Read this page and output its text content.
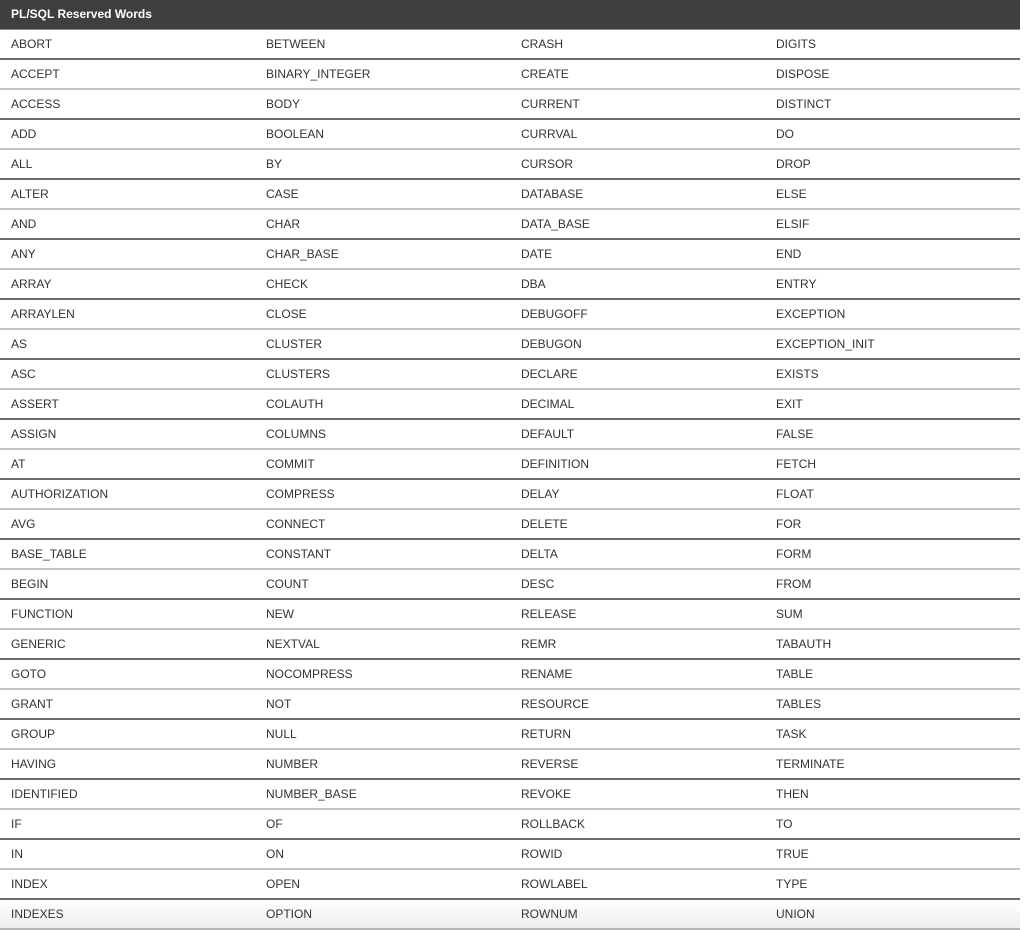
PL/SQL Reserved Words			
ABORT	BETWEEN	CRASH	DIGITS
ACCEPT	BINARY_INTEGER	CREATE	DISPOSE
ACCESS	BODY	CURRENT	DISTINCT
ADD	BOOLEAN	CURRVAL	DO
ALL	BY	CURSOR	DROP
ALTER	CASE	DATABASE	ELSE
AND	CHAR	DATA_BASE	ELSIF
ANY	CHAR_BASE	DATE	END
ARRAY	CHECK	DBA	ENTRY
ARRAYLEN	CLOSE	DEBUGOFF	EXCEPTION
AS	CLUSTER	DEBUGON	EXCEPTION_INIT
ASC	CLUSTERS	DECLARE	EXISTS
ASSERT	COLAUTH	DECIMAL	EXIT
ASSIGN	COLUMNS	DEFAULT	FALSE
AT	COMMIT	DEFINITION	FETCH
AUTHORIZATION	COMPRESS	DELAY	FLOAT
AVG	CONNECT	DELETE	FOR
BASE_TABLE	CONSTANT	DELTA	FORM
BEGIN	COUNT	DESC	FROM
FUNCTION	NEW	RELEASE	SUM
GENERIC	NEXTVAL	REMR	TABAUTH
GOTO	NOCOMPRESS	RENAME	TABLE
GRANT	NOT	RESOURCE	TABLES
GROUP	NULL	RETURN	TASK
HAVING	NUMBER	REVERSE	TERMINATE
IDENTIFIED	NUMBER_BASE	REVOKE	THEN
IF	OF	ROLLBACK	TO
IN	ON	ROWID	TRUE
INDEX	OPEN	ROWLABEL	TYPE
INDEXES	OPTION	ROWNUM	UNION
